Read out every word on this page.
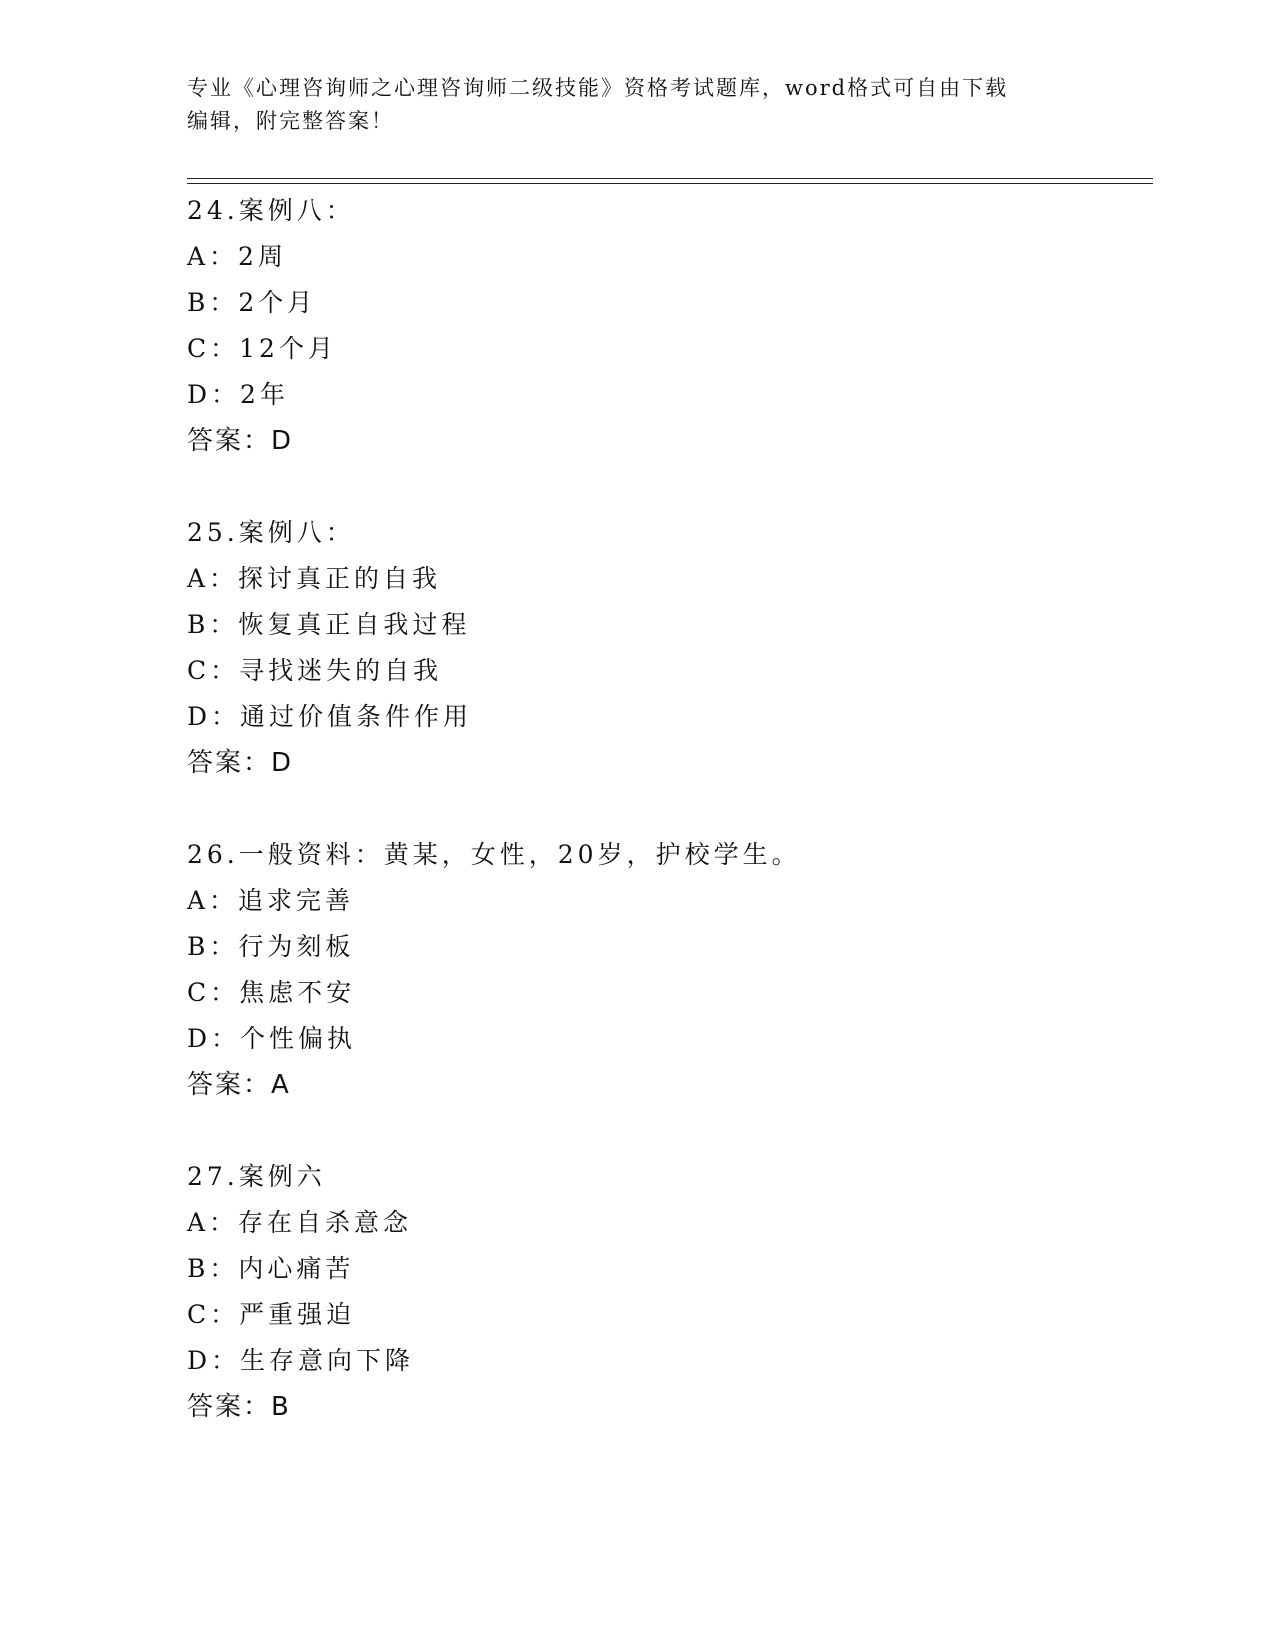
专业《心理咨询师之心理咨询师二级技能》资格考试题库，word格式可自由下载
编辑，附完整答案！
24.案例八：
A：2周
B：2个月
C：12个月
D：2年
答案：D
25.案例八：
A：探讨真正的自我
B：恢复真正自我过程
C：寻找迷失的自我
D：通过价值条件作用
答案：D
26.一般资料：黄某，女性，20岁，护校学生。
A：追求完善
B：行为刻板
C：焦虑不安
D：个性偏执
答案：A
27.案例六
A：存在自杀意念
B：内心痛苦
C：严重强迫
D：生存意向下降
答案：B
